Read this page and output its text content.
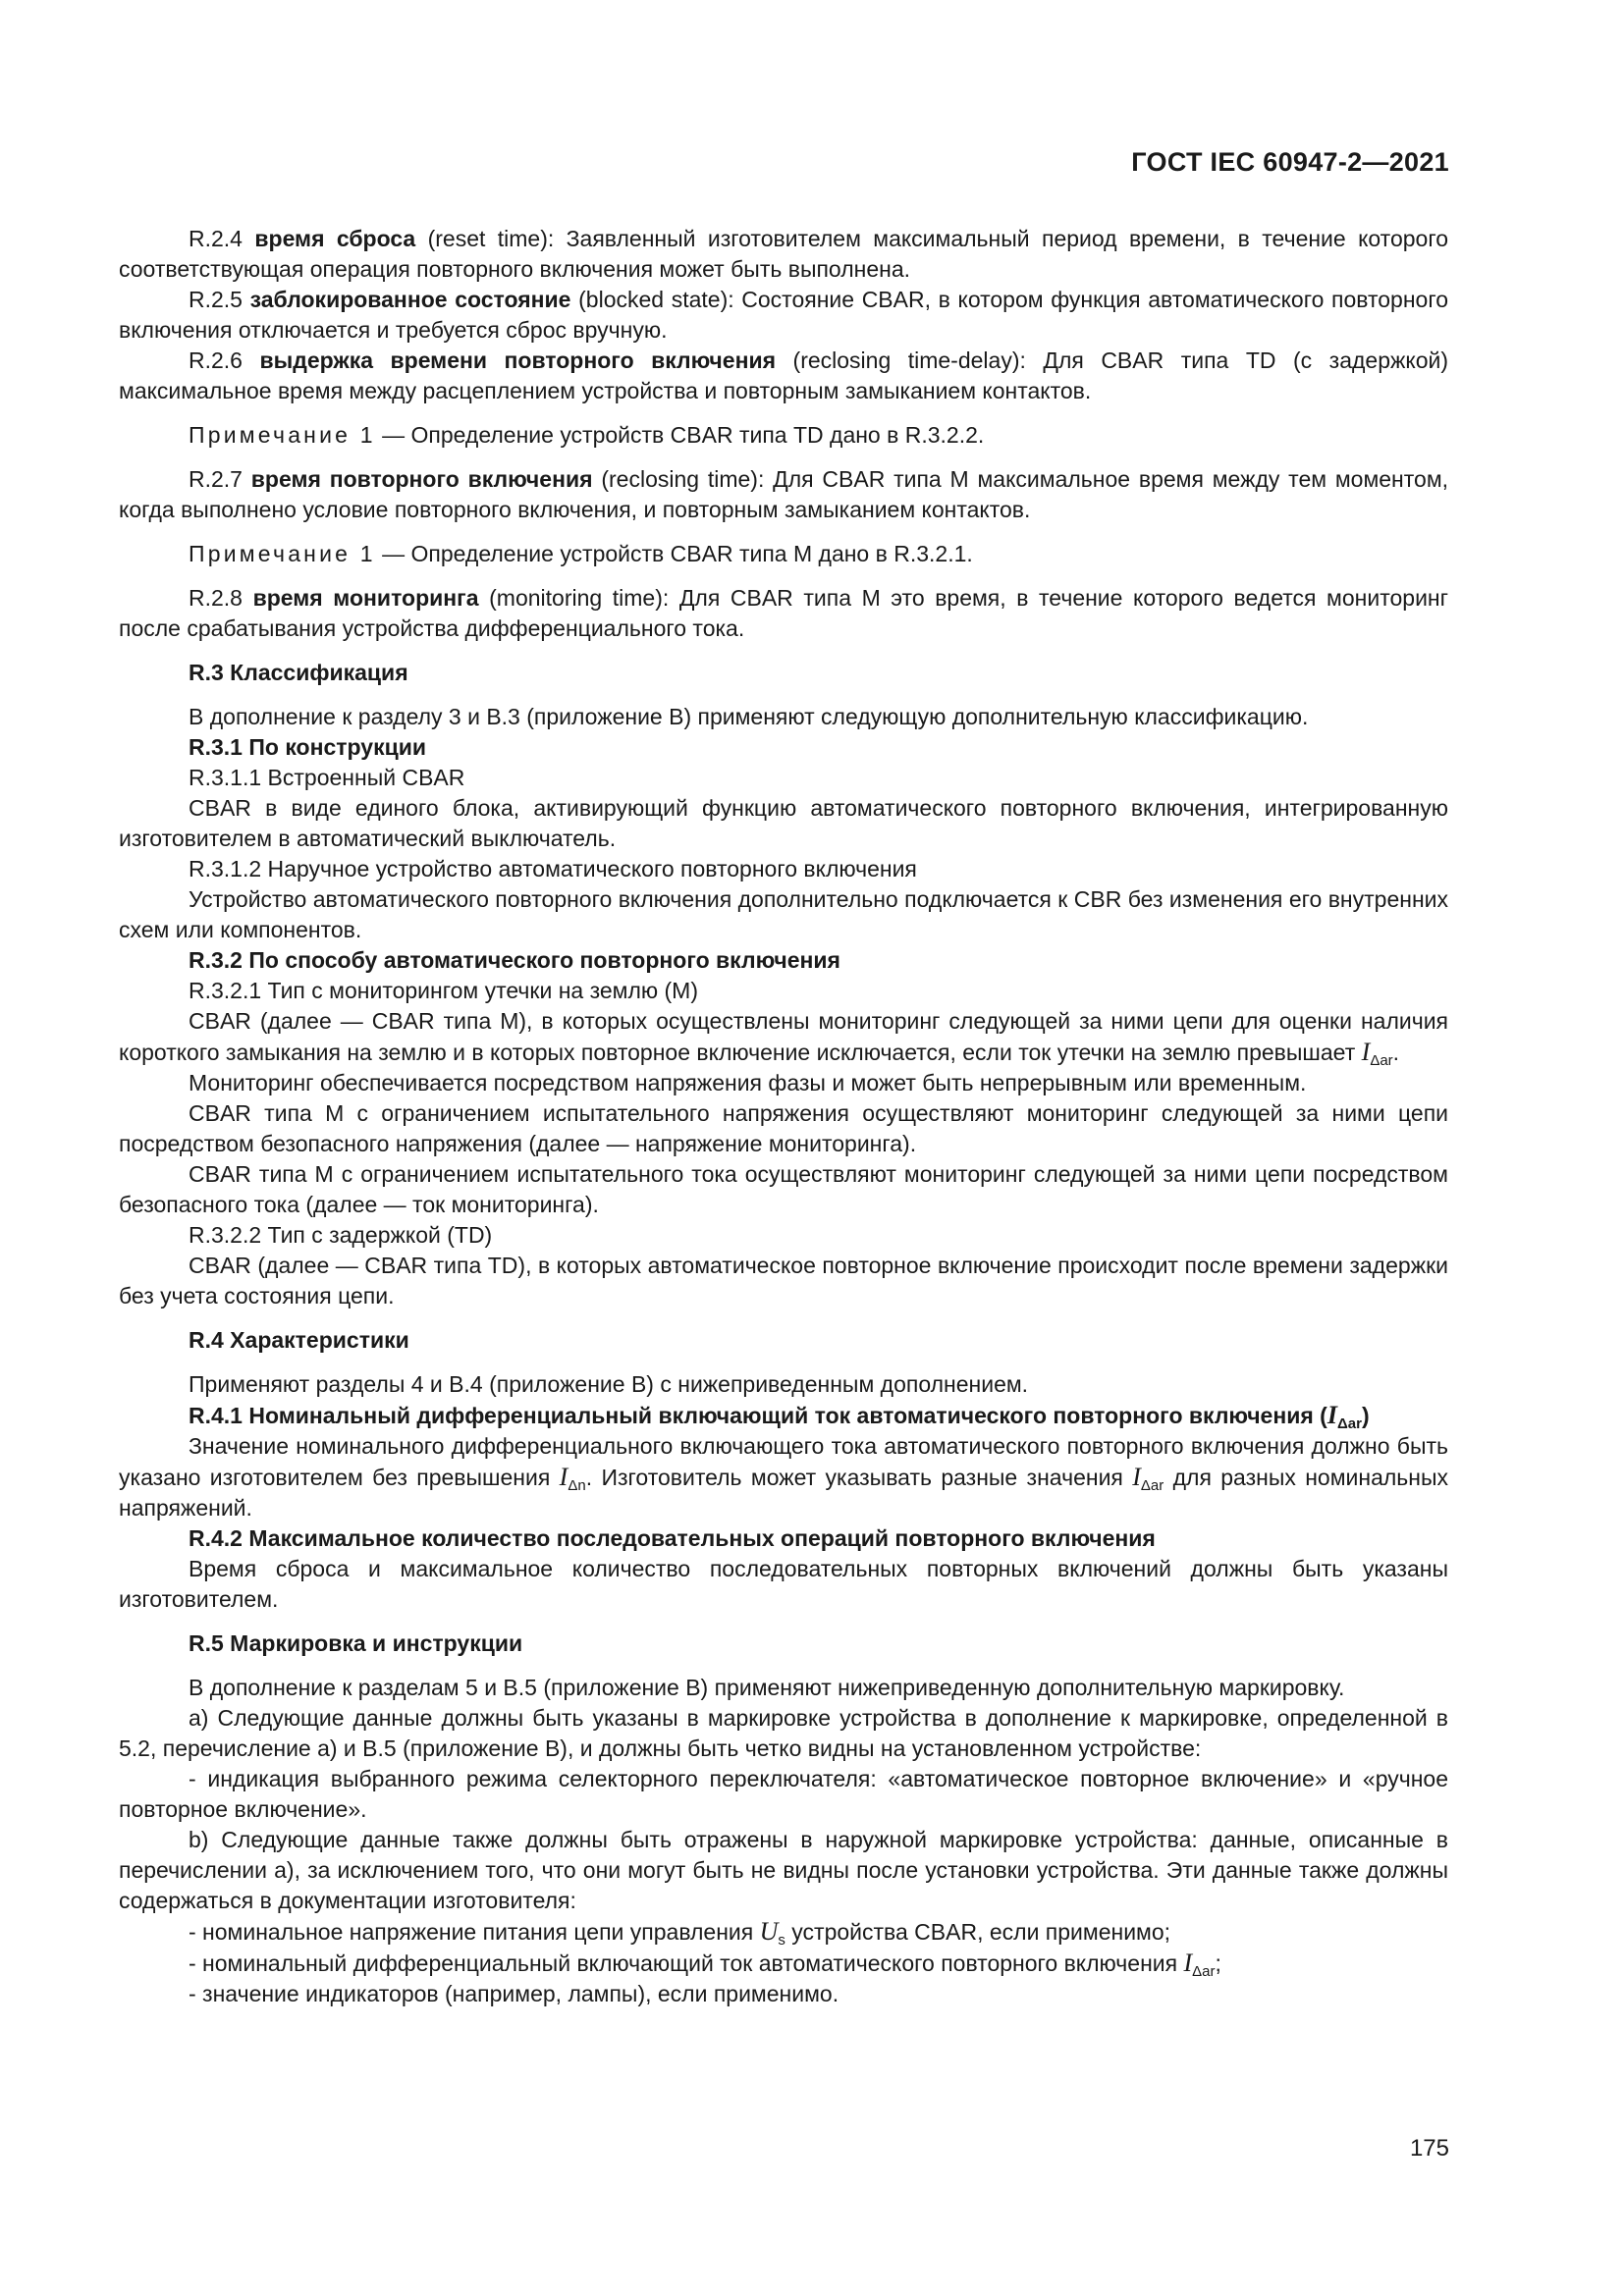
ГОСТ IEC 60947-2—2021

R.2.4 время сброса (reset time): Заявленный изготовителем максимальный период времени, в течение которого соответствующая операция повторного включения может быть выполнена.

R.2.5 заблокированное состояние (blocked state): Состояние CBAR, в котором функция автоматического повторного включения отключается и требуется сброс вручную.

R.2.6 выдержка времени повторного включения (reclosing time-delay): Для CBAR типа TD (с задержкой) максимальное время между расцеплением устройства и повторным замыканием контактов.

Примечание 1 — Определение устройств CBAR типа TD дано в R.3.2.2.

R.2.7 время повторного включения (reclosing time): Для CBAR типа M максимальное время между тем моментом, когда выполнено условие повторного включения, и повторным замыканием контактов.

Примечание 1 — Определение устройств CBAR типа M дано в R.3.2.1.

R.2.8 время мониторинга (monitoring time): Для CBAR типа M это время, в течение которого ведется мониторинг после срабатывания устройства дифференциального тока.

R.3 Классификация

В дополнение к разделу 3 и B.3 (приложение B) применяют следующую дополнительную классификацию.

R.3.1 По конструкции

R.3.1.1 Встроенный CBAR

CBAR в виде единого блока, активирующий функцию автоматического повторного включения, интегрированную изготовителем в автоматический выключатель.

R.3.1.2 Наручное устройство автоматического повторного включения

Устройство автоматического повторного включения дополнительно подключается к CBR без изменения его внутренних схем или компонентов.

R.3.2 По способу автоматического повторного включения

R.3.2.1 Тип с мониторингом утечки на землю (M)

CBAR (далее — CBAR типа M), в которых осуществлены мониторинг следующей за ними цепи для оценки наличия короткого замыкания на землю и в которых повторное включение исключается, если ток утечки на землю превышает $I_{\Delta ar}$.

Мониторинг обеспечивается посредством напряжения фазы и может быть непрерывным или временным.

CBAR типа M с ограничением испытательного напряжения осуществляют мониторинг следующей за ними цепи посредством безопасного напряжения (далее — напряжение мониторинга).

CBAR типа M с ограничением испытательного тока осуществляют мониторинг следующей за ними цепи посредством безопасного тока (далее — ток мониторинга).

R.3.2.2 Тип с задержкой (TD)

CBAR (далее — CBAR типа TD), в которых автоматическое повторное включение происходит после времени задержки без учета состояния цепи.

R.4 Характеристики

Применяют разделы 4 и B.4 (приложение B) с нижеприведенным дополнением.

R.4.1 Номинальный дифференциальный включающий ток автоматического повторного включения $(I_{\Delta ar})$

Значение номинального дифференциального включающего тока автоматического повторного включения должно быть указано изготовителем без превышения $I_{\Delta n}$. Изготовитель может указывать разные значения $I_{\Delta ar}$ для разных номинальных напряжений.

R.4.2 Максимальное количество последовательных операций повторного включения

Время сброса и максимальное количество последовательных повторных включений должны быть указаны изготовителем.

R.5 Маркировка и инструкции

В дополнение к разделам 5 и B.5 (приложение B) применяют нижеприведенную дополнительную маркировку.

а) Следующие данные должны быть указаны в маркировке устройства в дополнение к маркировке, определенной в 5.2, перечисление а) и B.5 (приложение B), и должны быть четко видны на установленном устройстве:

- индикация выбранного режима селекторного переключателя: «автоматическое повторное включение» и «ручное повторное включение».

b) Следующие данные также должны быть отражены в наружной маркировке устройства: данные, описанные в перечислении а), за исключением того, что они могут быть не видны после установки устройства. Эти данные также должны содержаться в документации изготовителя:

- номинальное напряжение питания цепи управления $U_s$ устройства CBAR, если применимо;

- номинальный дифференциальный включающий ток автоматического повторного включения $I_{\Delta ar}$;

- значение индикаторов (например, лампы), если применимо.

175
